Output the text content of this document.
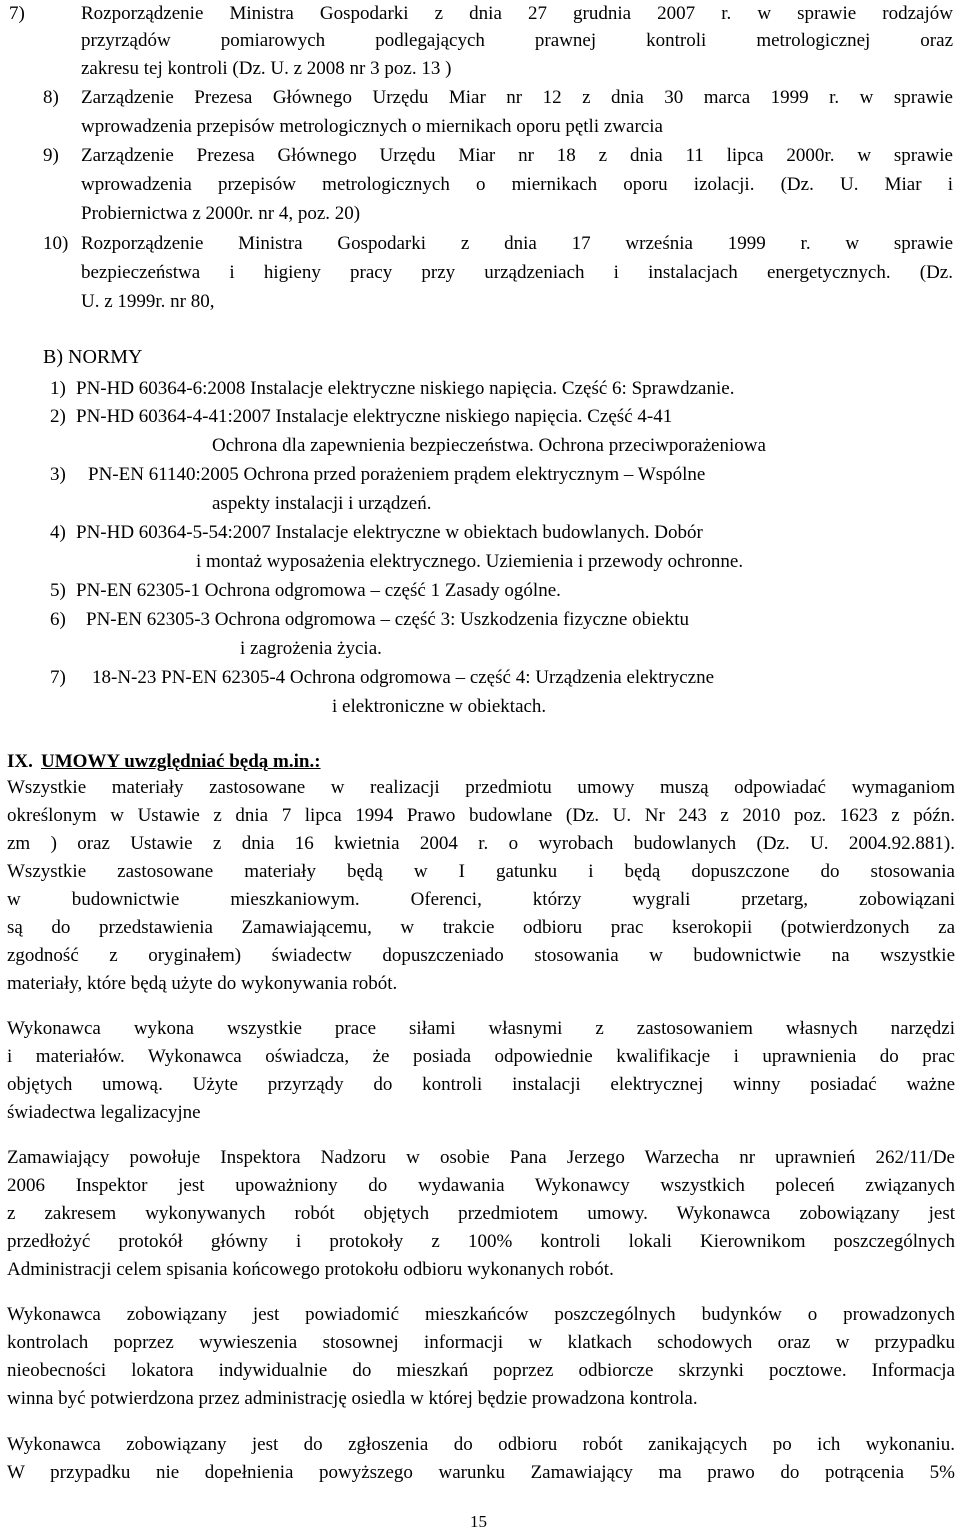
7)	Rozporządzenie Ministra Gospodarki z dnia 27 grudnia 2007 r. w sprawie rodzajów
przyrządów pomiarowych podlegających prawnej kontroli metrologicznej oraz
zakresu tej kontroli (Dz. U. z 2008 nr 3 poz. 13 )
8) Zarządzenie Prezesa Głównego Urzędu Miar nr 12 z dnia 30 marca 1999 r. w sprawie
wprowadzenia przepisów metrologicznych o miernikach oporu pętli zwarcia
9) Zarządzenie Prezesa Głównego Urzędu Miar nr 18 z dnia 11 lipca 2000r. w sprawie
wprowadzenia przepisów metrologicznych o miernikach oporu izolacji. (Dz. U. Miar i
Probiernictwa z 2000r. nr 4, poz. 20)
10) Rozporządzenie Ministra Gospodarki z dnia 17 września 1999 r. w sprawie
bezpieczeństwa i higieny pracy przy urządzeniach i instalacjach energetycznych. (Dz.
U. z 1999r. nr 80,
B) NORMY
1) PN-HD 60364-6:2008 Instalacje elektryczne niskiego napięcia. Część 6: Sprawdzanie.
2) PN-HD 60364-4-41:2007 Instalacje elektryczne niskiego napięcia. Część 4-41
Ochrona dla zapewnienia bezpieczeństwa. Ochrona przeciwporażeniowa
3) PN-EN 61140:2005 Ochrona przed porażeniem prądem elektrycznym – Wspólne
aspekty instalacji i urządzeń.
4) PN-HD 60364-5-54:2007 Instalacje elektryczne w obiektach budowlanych. Dobór
i montaż wyposażenia elektrycznego. Uziemienia i przewody ochronne.
5) PN-EN 62305-1 Ochrona odgromowa – część 1 Zasady ogólne.
6) PN-EN 62305-3 Ochrona odgromowa – część 3: Uszkodzenia fizyczne obiektu
i zagrożenia życia.
7) 18-N-23 PN-EN 62305-4 Ochrona odgromowa – część 4: Urządzenia elektryczne
i elektroniczne w obiektach.
IX. UMOWY uwzględniać będą m.in.:
Wszystkie materiały zastosowane w realizacji przedmiotu umowy muszą odpowiadać wymaganiom
określonym w Ustawie z dnia 7 lipca 1994 Prawo budowlane (Dz. U. Nr 243 z 2010 poz. 1623 z późn.
zm ) oraz Ustawie z dnia 16 kwietnia 2004 r. o wyrobach budowlanych (Dz. U. 2004.92.881).
Wszystkie zastosowane materiały będą w I gatunku i będą dopuszczone do stosowania
w budownictwie mieszkaniowym. Oferenci, którzy wygrali przetarg, zobowiązani
są do przedstawienia Zamawiającemu, w trakcie odbioru prac kserokopii (potwierdzonych za
zgodność z oryginałem) świadectw dopuszczeniado stosowania w budownictwie na wszystkie
materiały, które będą użyte do wykonywania robót.
Wykonawca wykona wszystkie prace siłami własnymi z zastosowaniem własnych narzędzi
i materiałów. Wykonawca oświadcza, że posiada odpowiednie kwalifikacje i uprawnienia do prac
objętych umową. Użyte przyrządy do kontroli instalacji elektrycznej winny posiadać ważne
świadectwa legalizacyjne
Zamawiający powołuje Inspektora Nadzoru w osobie Pana Jerzego Warzecha nr uprawnień 262/11/De
2006 Inspektor jest upoważniony do wydawania Wykonawcy wszystkich poleceń związanych
z zakresem wykonywanych robót objętych przedmiotem umowy. Wykonawca zobowiązany jest
przedłożyć protokół główny i protokoły z 100% kontroli lokali Kierownikom poszczególnych
Administracji celem spisania końcowego protokołu odbioru wykonanych robót.
Wykonawca zobowiązany jest powiadomić mieszkańców poszczególnych budynków o prowadzonych
kontrolach poprzez wywieszenia stosownej informacji w klatkach schodowych oraz w przypadku
nieobecności lokatora indywidualnie do mieszkań poprzez odbiorcze skrzynki pocztowe. Informacja
winna być potwierdzona przez administrację osiedla w której będzie prowadzona kontrola.
Wykonawca zobowiązany jest do zgłoszenia do odbioru robót zanikających po ich wykonaniu.
W przypadku nie dopełnienia powyższego warunku Zamawiający ma prawo do potrącenia 5%
15
